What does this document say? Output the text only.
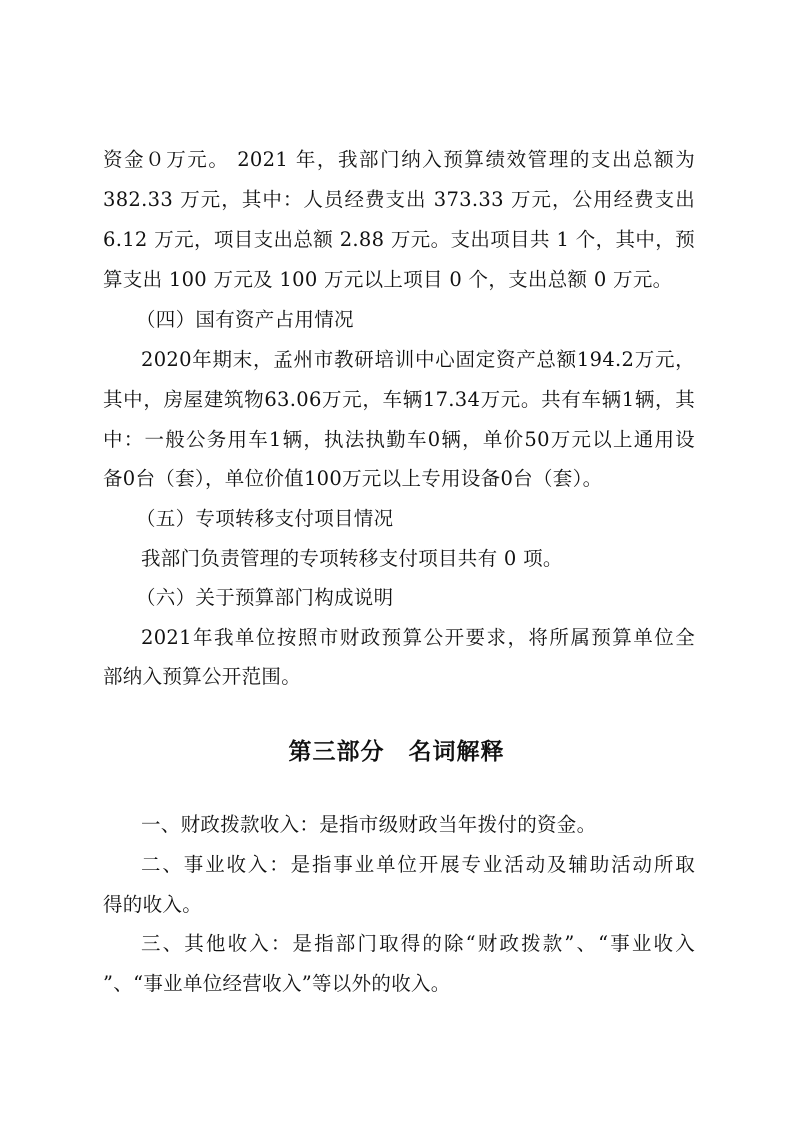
资金０万元。 2021 年，我部门纳入预算绩效管理的支出总额为
382.33 万元，其中：人员经费支出 373.33 万元，公用经费支出
6.12 万元，项目支出总额 2.88 万元。支出项目共 1 个，其中，预
算支出 100 万元及 100 万元以上项目 0 个，支出总额 0 万元。
（四）国有资产占用情况
2020年期末，孟州市教研培训中心固定资产总额194.2万元，
其中，房屋建筑物63.06万元，车辆17.34万元。共有车辆1辆，其
中：一般公务用车1辆，执法执勤车0辆，单价50万元以上通用设
备0台（套），单位价值100万元以上专用设备0台（套）。
（五）专项转移支付项目情况
我部门负责管理的专项转移支付项目共有 0 项。
（六）关于预算部门构成说明
2021年我单位按照市财政预算公开要求，将所属预算单位全
部纳入预算公开范围。
第三部分　名词解释
一、财政拨款收入：是指市级财政当年拨付的资金。
二、事业收入：是指事业单位开展专业活动及辅助活动所取
得的收入。
三、其他收入：是指部门取得的除“财政拨款”、“事业收入
”、“事业单位经营收入”等以外的收入。
